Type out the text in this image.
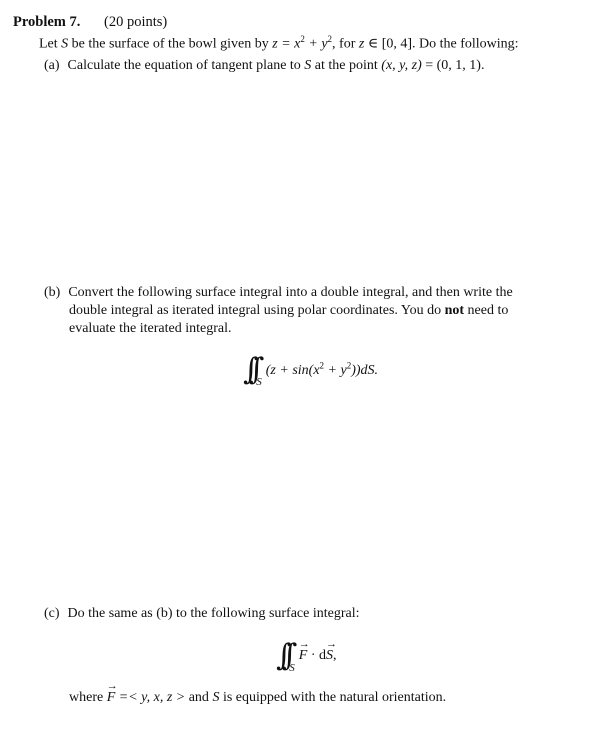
Problem 7. (20 points)
Let S be the surface of the bowl given by $z = x^2 + y^2$, for z ∈ [0, 4]. Do the following:
(a) Calculate the equation of tangent plane to S at the point (x, y, z) = (0, 1, 1).
(b) Convert the following surface integral into a double integral, and then write the
double integral as iterated integral using polar coordinates. You do not need to
evaluate the iterated integral.
∫∫ $_S(z + \sin(x^2 + y^2))dS$.
(c) Do the same as (b) to the following surface integral:
∫∫ $_S$→ F · d→ S,
where → F =< y, x, z > and S is equipped with the natural orientation.
